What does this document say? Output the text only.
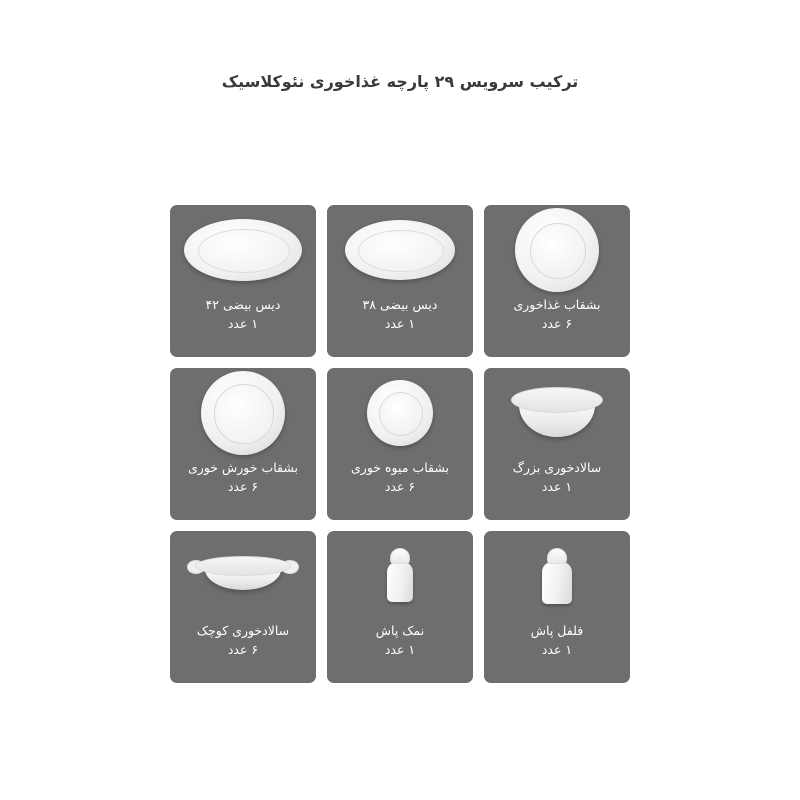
ترکیب سرویس ۲۹ پارچه غذاخوری نئوکلاسیک
بشقاب غذاخوری
۶ عدد
دیس بیضی ۳۸
۱ عدد
دیس بیضی ۴۲
۱ عدد
سالادخوری بزرگ
۱ عدد
بشقاب میوه خوری
۶ عدد
بشقاب خورش خوری
۶ عدد
فلفل پاش
۱ عدد
نمک پاش
۱ عدد
سالادخوری کوچک
۶ عدد
